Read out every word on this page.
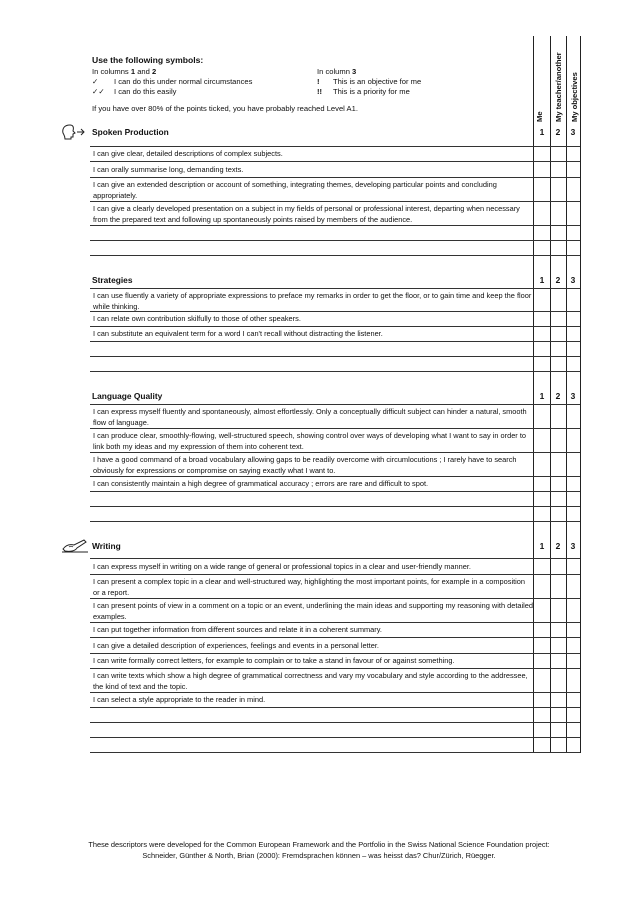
Use the following symbols:
In columns 1 and 2
✓ I can do this under normal circumstances
✓✓ I can do this easily
In column 3
! This is an objective for me
!! This is a priority for me
If you have over 80% of the points ticked, you have probably reached Level A1.
Me My teacher/another My objectives
Spoken Production	1	2	3
I can give clear, detailed descriptions of complex subjects.
I can orally summarise long, demanding texts.
I can give an extended description or account of something, integrating themes, developing particular points and concluding appropriately.
I can give a clearly developed presentation on a subject in my fields of personal or professional interest, departing when necessary from the prepared text and following up spontaneously points raised by members of the audience.
Strategies	1	2	3
I can use fluently a variety of appropriate expressions to preface my remarks in order to get the floor, or to gain time and keep the floor while thinking.
I can relate own contribution skilfully to those of other speakers.
I can substitute an equivalent term for a word I can't recall without distracting the listener.
Language Quality	1	2	3
I can express myself fluently and spontaneously, almost effortlessly. Only a conceptually difficult subject can hinder a natural, smooth flow of language.
I can produce clear, smoothly-flowing, well-structured speech, showing control over ways of developing what I want to say in order to link both my ideas and my expression of them into coherent text.
I have a good command of a broad vocabulary allowing gaps to be readily overcome with circumlocutions ; I rarely have to search obviously for expressions or compromise on saying exactly what I want to.
I can consistently maintain a high degree of grammatical accuracy ; errors are rare and difficult to spot.
Writing	1	2	3
I can express myself in writing on a wide range of general or professional topics in a clear and user-friendly manner.
I can present a complex topic in a clear and well-structured way, highlighting the most important points, for example in a composition or a report.
I can present points of view in a comment on a topic or an event, underlining the main ideas and supporting my reasoning with detailed examples.
I can put together information from different sources and relate it in a coherent summary.
I can give a detailed description of experiences, feelings and events in a personal letter.
I can write formally correct letters, for example to complain or to take a stand in favour of or against something.
I can write texts which show a high degree of grammatical correctness and vary my vocabulary and style according to the addressee, the kind of text and the topic.
I can select a style appropriate to the reader in mind.
These descriptors were developed for the Common European Framework and the Portfolio in the Swiss National Science Foundation project:
Schneider, Günther & North, Brian (2000): Fremdsprachen können – was heisst das? Chur/Zürich, Rüegger.
